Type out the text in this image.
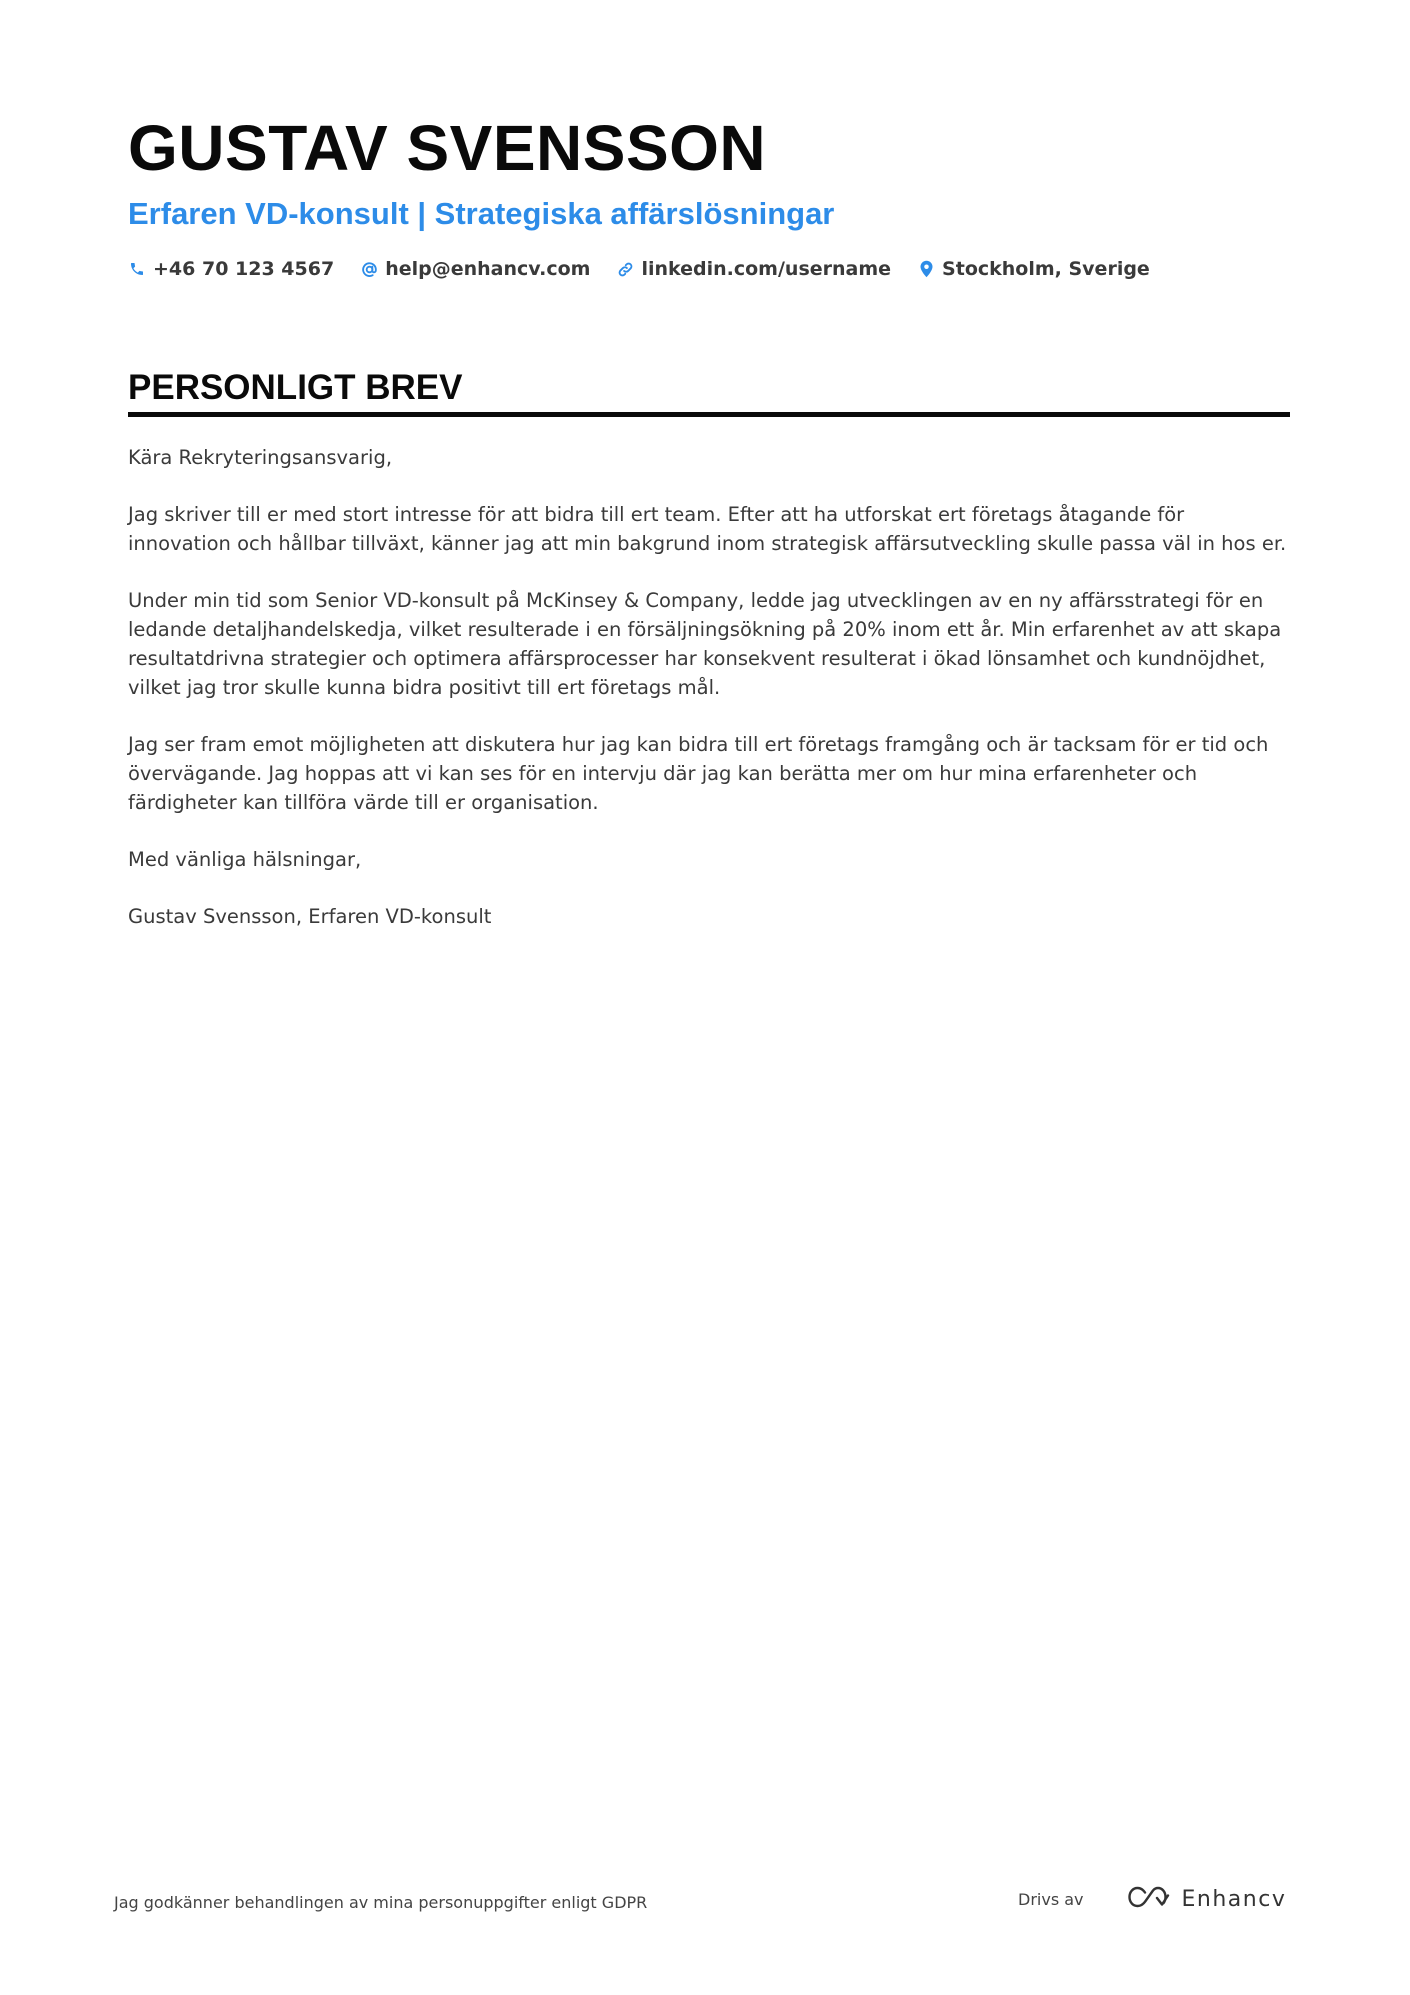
GUSTAV SVENSSON
Erfaren VD-konsult | Strategiska affärslösningar
+46 70 123 4567	help@enhancv.com	linkedin.com/username	Stockholm, Sverige
PERSONLIGT BREV

Kära Rekryteringsansvarig,

Jag skriver till er med stort intresse för att bidra till ert team. Efter att ha utforskat ert företags åtagande för innovation och hållbar tillväxt, känner jag att min bakgrund inom strategisk affärsutveckling skulle passa väl in hos er.

Under min tid som Senior VD-konsult på McKinsey & Company, ledde jag utvecklingen av en ny affärsstrategi för en ledande detaljhandelskedja, vilket resulterade i en försäljningsökning på 20% inom ett år. Min erfarenhet av att skapa resultatdrivna strategier och optimera affärsprocesser har konsekvent resulterat i ökad lönsamhet och kundnöjdhet, vilket jag tror skulle kunna bidra positivt till ert företags mål.

Jag ser fram emot möjligheten att diskutera hur jag kan bidra till ert företags framgång och är tacksam för er tid och övervägande. Jag hoppas att vi kan ses för en intervju där jag kan berätta mer om hur mina erfarenheter och färdigheter kan tillföra värde till er organisation.

Med vänliga hälsningar,

Gustav Svensson, Erfaren VD-konsult

Jag godkänner behandlingen av mina personuppgifter enligt GDPR	Drivs av	Enhancv
